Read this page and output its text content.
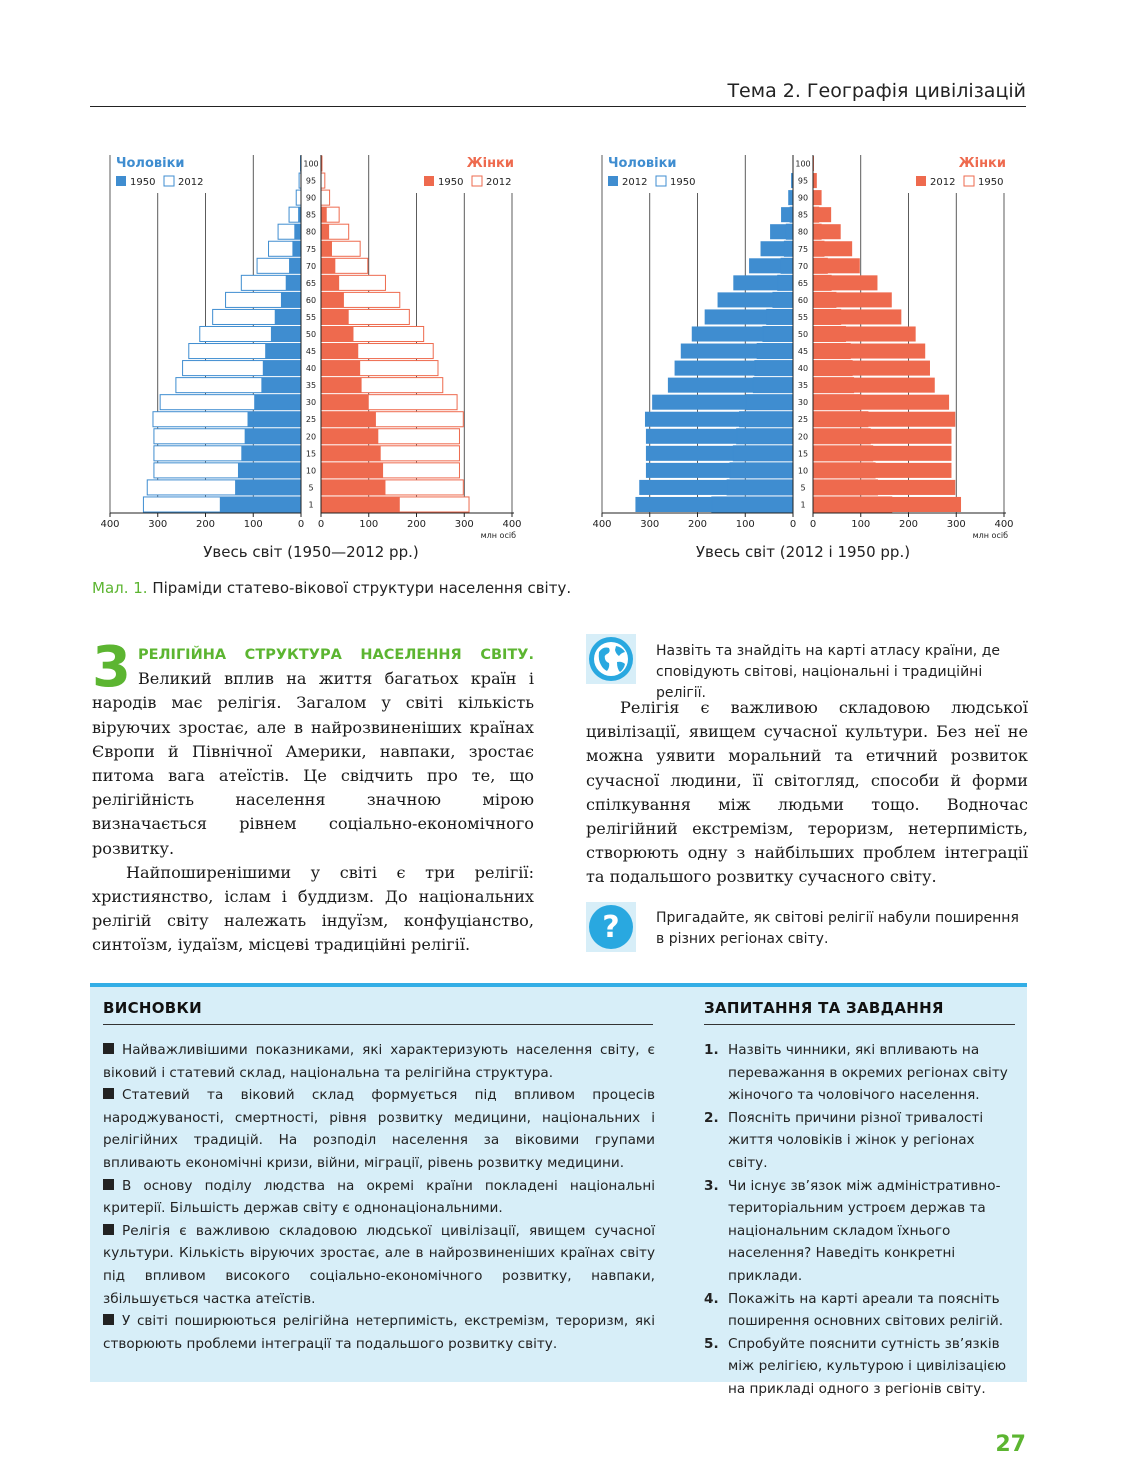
Тема 2. Географія цивілізацій
1
5
10
15
20
25
30
35
40
45
50
55
60
65
70
75
80
85
90
95
100
400	300	200	100	0 0	100	200	300	400
млн осіб
Чоловіки
1950 2012
Жінки
1950 2012
1
5
10
15
20
25
30
35
40
45
50
55
60
65
70
75
80
85
90
95
100
400	300	200	100	0 0	100	200	300	400
млн осіб
Чоловіки
2012 1950
Жінки
2012 1950
Увесь світ (1950—2012 рр.)	Увесь світ (2012 і 1950 рр.)
Мал. 1. Піраміди статево-вікової структури населення світу.
3 РЕЛІГІЙНА СТРУКТУРА НАСЕЛЕННЯ СВІТУ. Великий вплив на життя багатьох країн і народів має релігія. Загалом у світі кількість віруючих зростає, але в найрозвиненіших країнах Європи й Північної Америки, навпаки, зростає питома вага атеїстів. Це свідчить про те, що релігійність населення значною мірою визначається рівнем соціально-економічного розвитку.

Найпоширенішими у світі є три релігії: християнство, іслам і буддизм. До національних релігій світу належать індуїзм, конфуціанство, синтоїзм, іудаїзм, місцеві традиційні релігії.

Назвіть та знайдіть на карті атласу країни, де сповідують світові, національні і традиційні релігії.

Релігія є важливою складовою людської цивілізації, явищем сучасної культури. Без неї не можна уявити моральний та етичний розвиток сучасної людини, її світогляд, способи й форми спілкування між людьми тощо. Водночас релігійний екстремізм, тероризм, нетерпимість, створюють одну з найбільших проблем інтеграції та подальшого розвитку сучасного світу.

?	Пригадайте, як світові релігії набули поширення в різних регіонах світу.
ВИСНОВКИ

Найважливішими показниками, які характеризують населення світу, є віковий і статевий склад, національна та релігійна структура.

Статевий та віковий склад формується під впливом процесів народжуваності, смертності, рівня розвитку медицини, національних і релігійних традицій. На розподіл населення за віковими групами впливають економічні кризи, війни, міграції, рівень розвитку медицини.

В основу поділу людства на окремі країни покладені національні критерії. Більшість держав світу є однонаціональними.

Релігія є важливою складовою людської цивілізації, явищем сучасної культури. Кількість віруючих зростає, але в найрозвиненіших країнах світу під впливом високого соціально-економічного розвитку, навпаки, збільшується частка атеїстів.

У світі поширюються релігійна нетерпимість, екстремізм, тероризм, які створюють проблеми інтеграції та подальшого розвитку світу.

ЗАПИТАННЯ ТА ЗАВДАННЯ
1. Назвіть чинники, які впливають на переважання в окремих регіонах світу жіночого та чоловічого населення.
2. Поясніть причини різної тривалості життя чоловіків і жінок у регіонах світу.
3. Чи існує зв’язок між адміністративно-територіальним устроєм держав та національним складом їхнього населення? Наведіть конкретні приклади.
4. Покажіть на карті ареали та поясніть поширення основних світових релігій.
5. Спробуйте пояснити сутність зв’язків між релігією, культурою і цивілізацією на прикладі одного з регіонів світу.
27
